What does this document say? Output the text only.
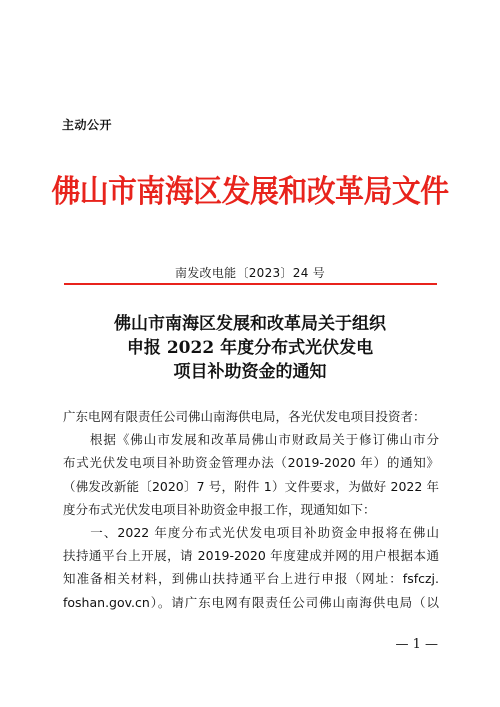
主动公开
佛山市南海区发展和改革局文件
南发改电能〔2023〕24 号
佛山市南海区发展和改革局关于组织
申报 2022 年度分布式光伏发电
项目补助资金的通知

广东电网有限责任公司佛山南海供电局，各光伏发电项目投资者：

　　根据《佛山市发展和改革局佛山市财政局关于修订佛山市分

布式光伏发电项目补助资金管理办法（2019-2020 年）的通知》

（佛发改新能〔2020〕7 号，附件 1）文件要求，为做好 2022 年

度分布式光伏发电项目补助资金申报工作，现通知如下：

　　一、2022 年度分布式光伏发电项目补助资金申报将在佛山

扶持通平台上开展，请 2019-2020 年度建成并网的用户根据本通

知准备相关材料，到佛山扶持通平台上进行申报（网址：fsfczj.

foshan.gov.cn）。请广东电网有限责任公司佛山南海供电局（以

— 1 —
